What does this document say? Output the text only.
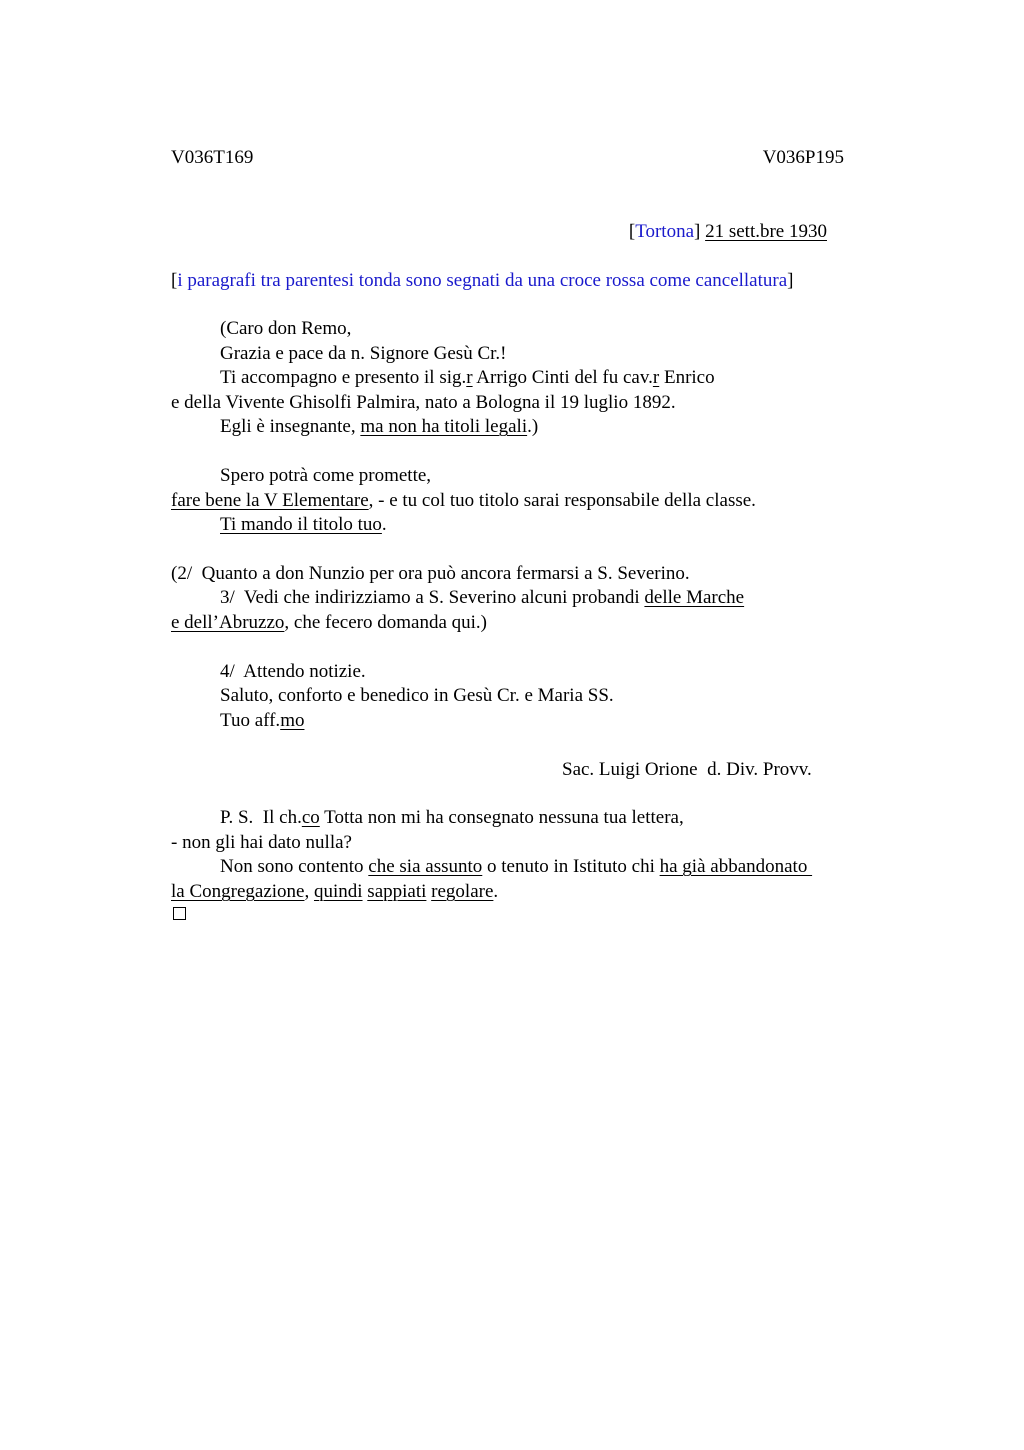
V036T169	V036P195
[Tortona] 21 sett.bre 1930
[i paragrafi tra parentesi tonda sono segnati da una croce rossa come cancellatura]
(Caro don Remo,
Grazia e pace da n. Signore Gesù Cr.!
Ti accompagno e presento il sig.r Arrigo Cinti del fu cav.r Enrico
e della Vivente Ghisolfi Palmira, nato a Bologna il 19 luglio 1892.
Egli è insegnante, ma non ha titoli legali.)
Spero potrà come promette,
fare bene la V Elementare, - e tu col tuo titolo sarai responsabile della classe.
Ti mando il titolo tuo.
(2/  Quanto a don Nunzio per ora può ancora fermarsi a S. Severino.
3/  Vedi che indirizziamo a S. Severino alcuni probandi delle Marche
e dell’Abruzzo, che fecero domanda qui.)
4/  Attendo notizie.
Saluto, conforto e benedico in Gesù Cr. e Maria SS.
Tuo aff.mo
Sac. Luigi Orione  d. Div. Provv.
P. S.  Il ch.co Totta non mi ha consegnato nessuna tua lettera,
- non gli hai dato nulla?
Non sono contento che sia assunto o tenuto in Istituto chi ha già abbandonato
la Congregazione, quindi sappiati regolare.
